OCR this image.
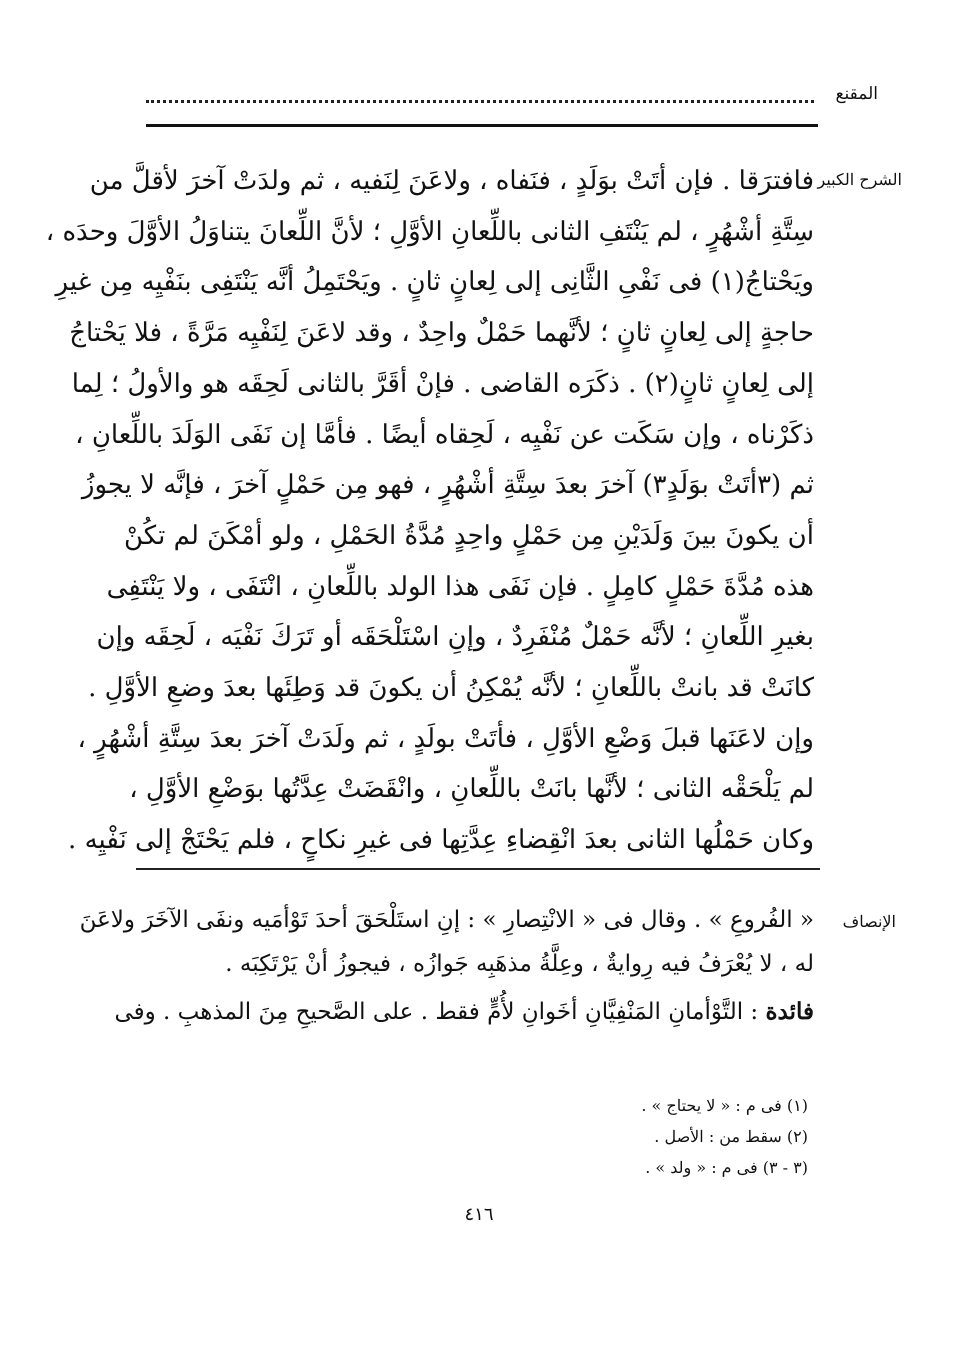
المقنع
الشرح الكبير
فافترَقا . فإن أتَتْ بوَلَدٍ ، فنَفاه ، ولاعَنَ لِنَفيه ، ثم ولدَتْ آخرَ لأقلَّ من
سِتَّةِ أشْهُرٍ ، لم يَنْتَفِ الثانى باللِّعانِ الأوَّلِ ؛ لأنَّ اللِّعانَ يتناوَلُ الأوَّلَ وحدَه ،
ويَحْتاجُ(١) فى نَفْىِ الثَّانِى إلى لِعانٍ ثانٍ . ويَحْتَمِلُ أنَّه يَنْتَفِى بنَفْيِه مِن غيرِ
حاجةٍ إلى لِعانٍ ثانٍ ؛ لأنَّهما حَمْلٌ واحِدٌ ، وقد لاعَنَ لِنَفْيِه مَرَّةً ، فلا يَحْتاجُ
إلى لِعانٍ ثانٍ(٢) . ذكَرَه القاضى . فإنْ أقَرَّ بالثانى لَحِقَه هو والأولُ ؛ لِما
ذكَرْناه ، وإن سَكَت عن نَفْيِه ، لَحِقاه أيضًا . فأمَّا إن نَفَى الوَلَدَ باللِّعانِ ،
ثم (٣أتَتْ بوَلَدٍ٣) آخرَ بعدَ سِتَّةِ أشْهُرٍ ، فهو مِن حَمْلٍ آخرَ ، فإنَّه لا يجوزُ
أن يكونَ بينَ وَلَدَيْنِ مِن حَمْلٍ واحِدٍ مُدَّةُ الحَمْلِ ، ولو أمْكَنَ لم تكُنْ
هذه مُدَّةَ حَمْلٍ كامِلٍ . فإن نَفَى هذا الولد باللِّعانِ ، انْتَفَى ، ولا يَنْتَفِى
بغيرِ اللِّعانِ ؛ لأنَّه حَمْلٌ مُنْفَرِدٌ ، وإنِ اسْتَلْحَقَه أو تَرَكَ نَفْيَه ، لَحِقَه وإن
كانَتْ قد بانتْ باللِّعانِ ؛ لأنَّه يُمْكِنُ أن يكونَ قد وَطِئَها بعدَ وضعِ الأوَّلِ .
وإن لاعَنَها قبلَ وَضْعِ الأوَّلِ ، فأتَتْ بولَدٍ ، ثم ولَدَتْ آخرَ بعدَ سِتَّةِ أشْهُرٍ ،
لم يَلْحَقْه الثانى ؛ لأنَّها بانَتْ باللِّعانِ ، وانْقَضَتْ عِدَّتُها بوَضْعِ الأوَّلِ ،
وكان حَمْلُها الثانى بعدَ انْقِضاءِ عِدَّتِها فى غيرِ نكاحٍ ، فلم يَحْتَجْ إلى نَفْيِه .
الإنصاف
« الفُروعِ » . وقال فى « الانْتِصارِ » : إنِ استَلْحَقَ أحدَ تَوْأمَيه ونفَى الآخَرَ ولاعَنَ
له ، لا يُعْرَفُ فيه رِوايةٌ ، وعِلَّةُ مذهَبِه جَوازُه ، فيجوزُ أنْ يَرْتَكِبَه .
فائدة : التَّوْأمانِ المَنْفِيَّانِ أخَوانِ لأُمٍّ فقط . على الصَّحيحِ مِنَ المذهبِ . وفى
(١) فى م : « لا يحتاج » .
(٢) سقط من : الأصل .
(٣ - ٣) فى م : « ولد » .
٤١٦
